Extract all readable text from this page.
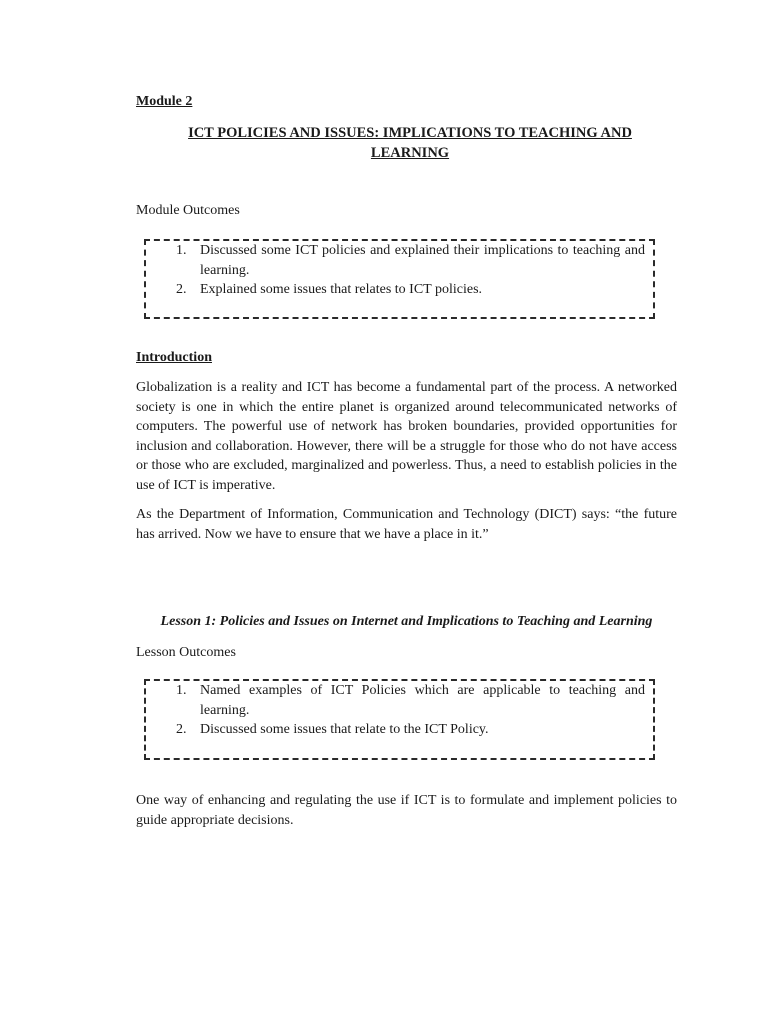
Module 2
ICT POLICIES AND ISSUES: IMPLICATIONS TO TEACHING AND LEARNING
Module Outcomes
1. Discussed some ICT policies and explained their implications to teaching and learning.
2. Explained some issues that relates to ICT policies.
Introduction

Globalization is a reality and ICT has become a fundamental part of the process. A networked society is one in which the entire planet is organized around telecommunicated networks of computers. The powerful use of network has broken boundaries, provided opportunities for inclusion and collaboration. However, there will be a struggle for those who do not have access or those who are excluded, marginalized and powerless. Thus, a need to establish policies in the use of ICT is imperative.

As the Department of Information, Communication and Technology (DICT) says: “the future has arrived. Now we have to ensure that we have a place in it.”

Lesson 1: Policies and Issues on Internet and Implications to Teaching and Learning
Lesson Outcomes
1. Named examples of ICT Policies which are applicable to teaching and learning.
2. Discussed some issues that relate to the ICT Policy.

One way of enhancing and regulating the use if ICT is to formulate and implement policies to guide appropriate decisions.
